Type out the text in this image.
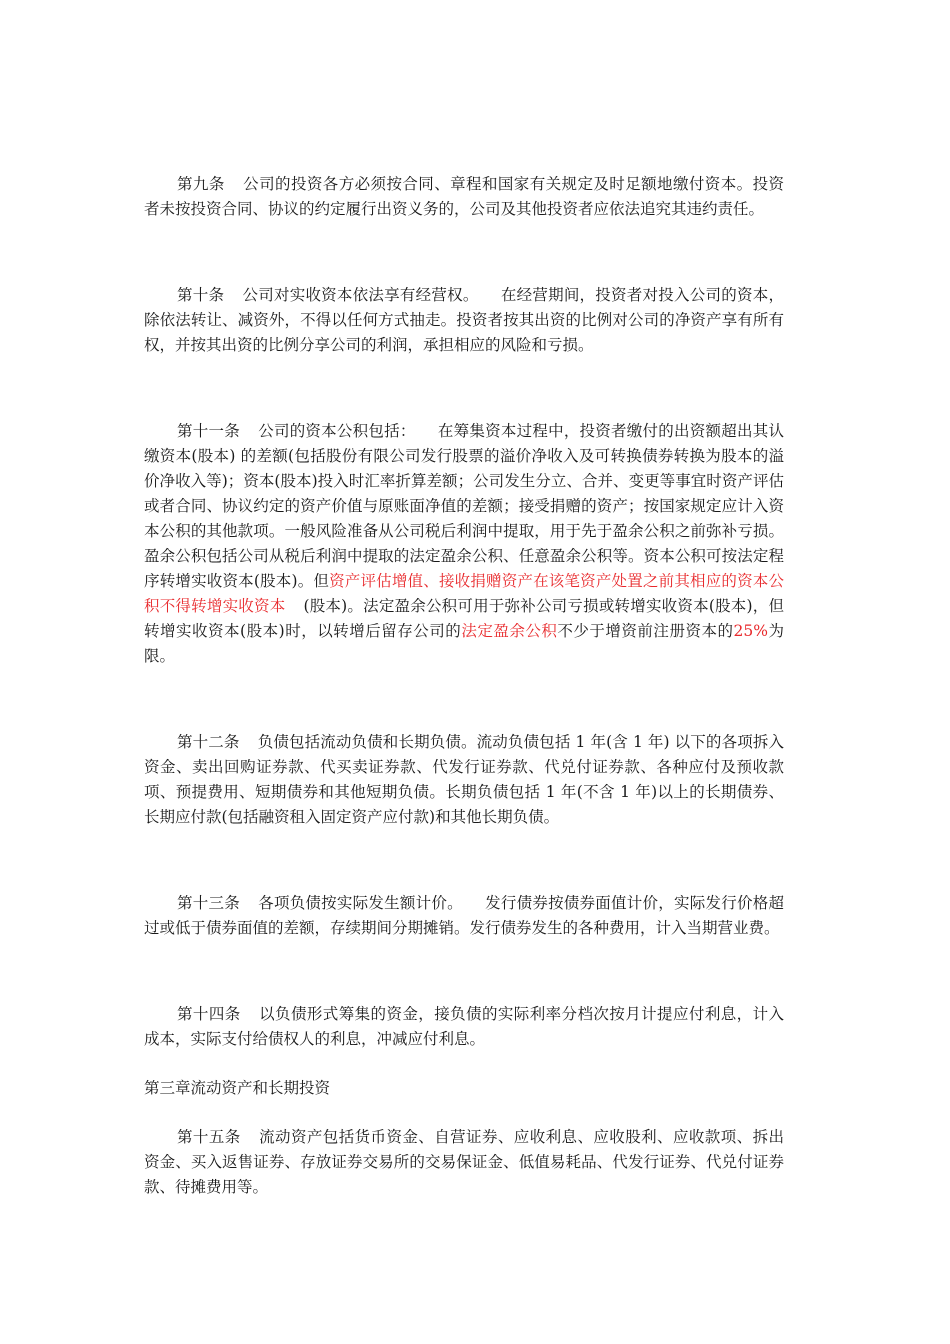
第九条 公司的投资各方必须按合同、章程和国家有关规定及时足额地缴付资本。投资者未按投资合同、协议的约定履行出资义务的，公司及其他投资者应依法追究其违约责任。

第十条 公司对实收资本依法享有经营权。 在经营期间，投资者对投入公司的资本，除依法转让、减资外，不得以任何方式抽走。投资者按其出资的比例对公司的净资产享有所有权，并按其出资的比例分享公司的利润，承担相应的风险和亏损。

第十一条 公司的资本公积包括： 在筹集资本过程中，投资者缴付的出资额超出其认缴资本(股本) 的差额(包括股份有限公司发行股票的溢价净收入及可转换债券转换为股本的溢价净收入等)；资本(股本)投入时汇率折算差额；公司发生分立、合并、变更等事宜时资产评估或者合同、协议约定的资产价值与原账面净值的差额；接受捐赠的资产；按国家规定应计入资本公积的其他款项。一般风险准备从公司税后利润中提取，用于先于盈余公积之前弥补亏损。盈余公积包括公司从税后利润中提取的法定盈余公积、任意盈余公积等。资本公积可按法定程序转增实收资本(股本)。但资产评估增值、接收捐赠资产在该笔资产处置之前其相应的资本公积不得转增实收资本 (股本)。法定盈余公积可用于弥补公司亏损或转增实收资本(股本)，但转增实收资本(股本)时，以转增后留存公司的法定盈余公积不少于增资前注册资本的25%为限。

第十二条 负债包括流动负债和长期负债。流动负债包括 1 年(含 1 年) 以下的各项拆入资金、卖出回购证券款、代买卖证券款、代发行证券款、代兑付证券款、各种应付及预收款项、预提费用、短期债券和其他短期负债。长期负债包括 1 年(不含 1 年)以上的长期债券、长期应付款(包括融资租入固定资产应付款)和其他长期负债。

第十三条 各项负债按实际发生额计价。 发行债券按债券面值计价，实际发行价格超过或低于债券面值的差额，存续期间分期摊销。发行债券发生的各种费用，计入当期营业费。

第十四条 以负债形式筹集的资金，接负债的实际利率分档次按月计提应付利息，计入成本，实际支付给债权人的利息，冲减应付利息。

第三章流动资产和长期投资

第十五条 流动资产包括货币资金、自营证券、应收利息、应收股利、应收款项、拆出资金、买入返售证券、存放证券交易所的交易保证金、低值易耗品、代发行证券、代兑付证券款、待摊费用等。
